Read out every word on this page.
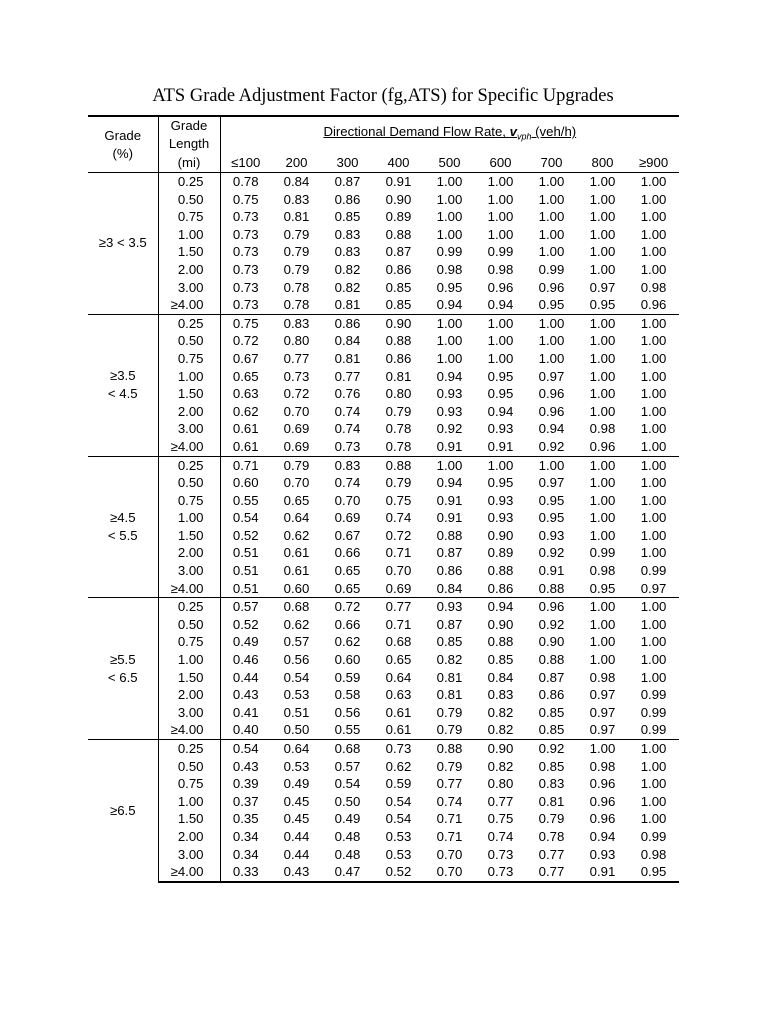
ATS Grade Adjustment Factor (fg,ATS) for Specific Upgrades
Grade
(%)	Grade	Directional Demand Flow Rate, $v_{vph}$ (veh/h)								
	Length									
	(mi)	≤100	200	300	400	500	600	700	800	≥900

≥3 < 3.5	0.25	0.78	0.84	0.87	0.91	1.00	1.00	1.00	1.00	1.00
	0.50	0.75	0.83	0.86	0.90	1.00	1.00	1.00	1.00	1.00
	0.75	0.73	0.81	0.85	0.89	1.00	1.00	1.00	1.00	1.00
	1.00	0.73	0.79	0.83	0.88	1.00	1.00	1.00	1.00	1.00
	1.50	0.73	0.79	0.83	0.87	0.99	0.99	1.00	1.00	1.00
	2.00	0.73	0.79	0.82	0.86	0.98	0.98	0.99	1.00	1.00
	3.00	0.73	0.78	0.82	0.85	0.95	0.96	0.96	0.97	0.98
	≥4.00	0.73	0.78	0.81	0.85	0.94	0.94	0.95	0.95	0.96

≥3.5
< 4.5	0.25	0.75	0.83	0.86	0.90	1.00	1.00	1.00	1.00	1.00
	0.50	0.72	0.80	0.84	0.88	1.00	1.00	1.00	1.00	1.00
	0.75	0.67	0.77	0.81	0.86	1.00	1.00	1.00	1.00	1.00
	1.00	0.65	0.73	0.77	0.81	0.94	0.95	0.97	1.00	1.00
	1.50	0.63	0.72	0.76	0.80	0.93	0.95	0.96	1.00	1.00
	2.00	0.62	0.70	0.74	0.79	0.93	0.94	0.96	1.00	1.00
	3.00	0.61	0.69	0.74	0.78	0.92	0.93	0.94	0.98	1.00
	≥4.00	0.61	0.69	0.73	0.78	0.91	0.91	0.92	0.96	1.00

≥4.5
< 5.5	0.25	0.71	0.79	0.83	0.88	1.00	1.00	1.00	1.00	1.00
	0.50	0.60	0.70	0.74	0.79	0.94	0.95	0.97	1.00	1.00
	0.75	0.55	0.65	0.70	0.75	0.91	0.93	0.95	1.00	1.00
	1.00	0.54	0.64	0.69	0.74	0.91	0.93	0.95	1.00	1.00
	1.50	0.52	0.62	0.67	0.72	0.88	0.90	0.93	1.00	1.00
	2.00	0.51	0.61	0.66	0.71	0.87	0.89	0.92	0.99	1.00
	3.00	0.51	0.61	0.65	0.70	0.86	0.88	0.91	0.98	0.99
	≥4.00	0.51	0.60	0.65	0.69	0.84	0.86	0.88	0.95	0.97

≥5.5
< 6.5	0.25	0.57	0.68	0.72	0.77	0.93	0.94	0.96	1.00	1.00
	0.50	0.52	0.62	0.66	0.71	0.87	0.90	0.92	1.00	1.00
	0.75	0.49	0.57	0.62	0.68	0.85	0.88	0.90	1.00	1.00
	1.00	0.46	0.56	0.60	0.65	0.82	0.85	0.88	1.00	1.00
	1.50	0.44	0.54	0.59	0.64	0.81	0.84	0.87	0.98	1.00
	2.00	0.43	0.53	0.58	0.63	0.81	0.83	0.86	0.97	0.99
	3.00	0.41	0.51	0.56	0.61	0.79	0.82	0.85	0.97	0.99
	≥4.00	0.40	0.50	0.55	0.61	0.79	0.82	0.85	0.97	0.99

≥6.5	0.25	0.54	0.64	0.68	0.73	0.88	0.90	0.92	1.00	1.00
	0.50	0.43	0.53	0.57	0.62	0.79	0.82	0.85	0.98	1.00
	0.75	0.39	0.49	0.54	0.59	0.77	0.80	0.83	0.96	1.00
	1.00	0.37	0.45	0.50	0.54	0.74	0.77	0.81	0.96	1.00
	1.50	0.35	0.45	0.49	0.54	0.71	0.75	0.79	0.96	1.00
	2.00	0.34	0.44	0.48	0.53	0.71	0.74	0.78	0.94	0.99
	3.00	0.34	0.44	0.48	0.53	0.70	0.73	0.77	0.93	0.98
	≥4.00	0.33	0.43	0.47	0.52	0.70	0.73	0.77	0.91	0.95
